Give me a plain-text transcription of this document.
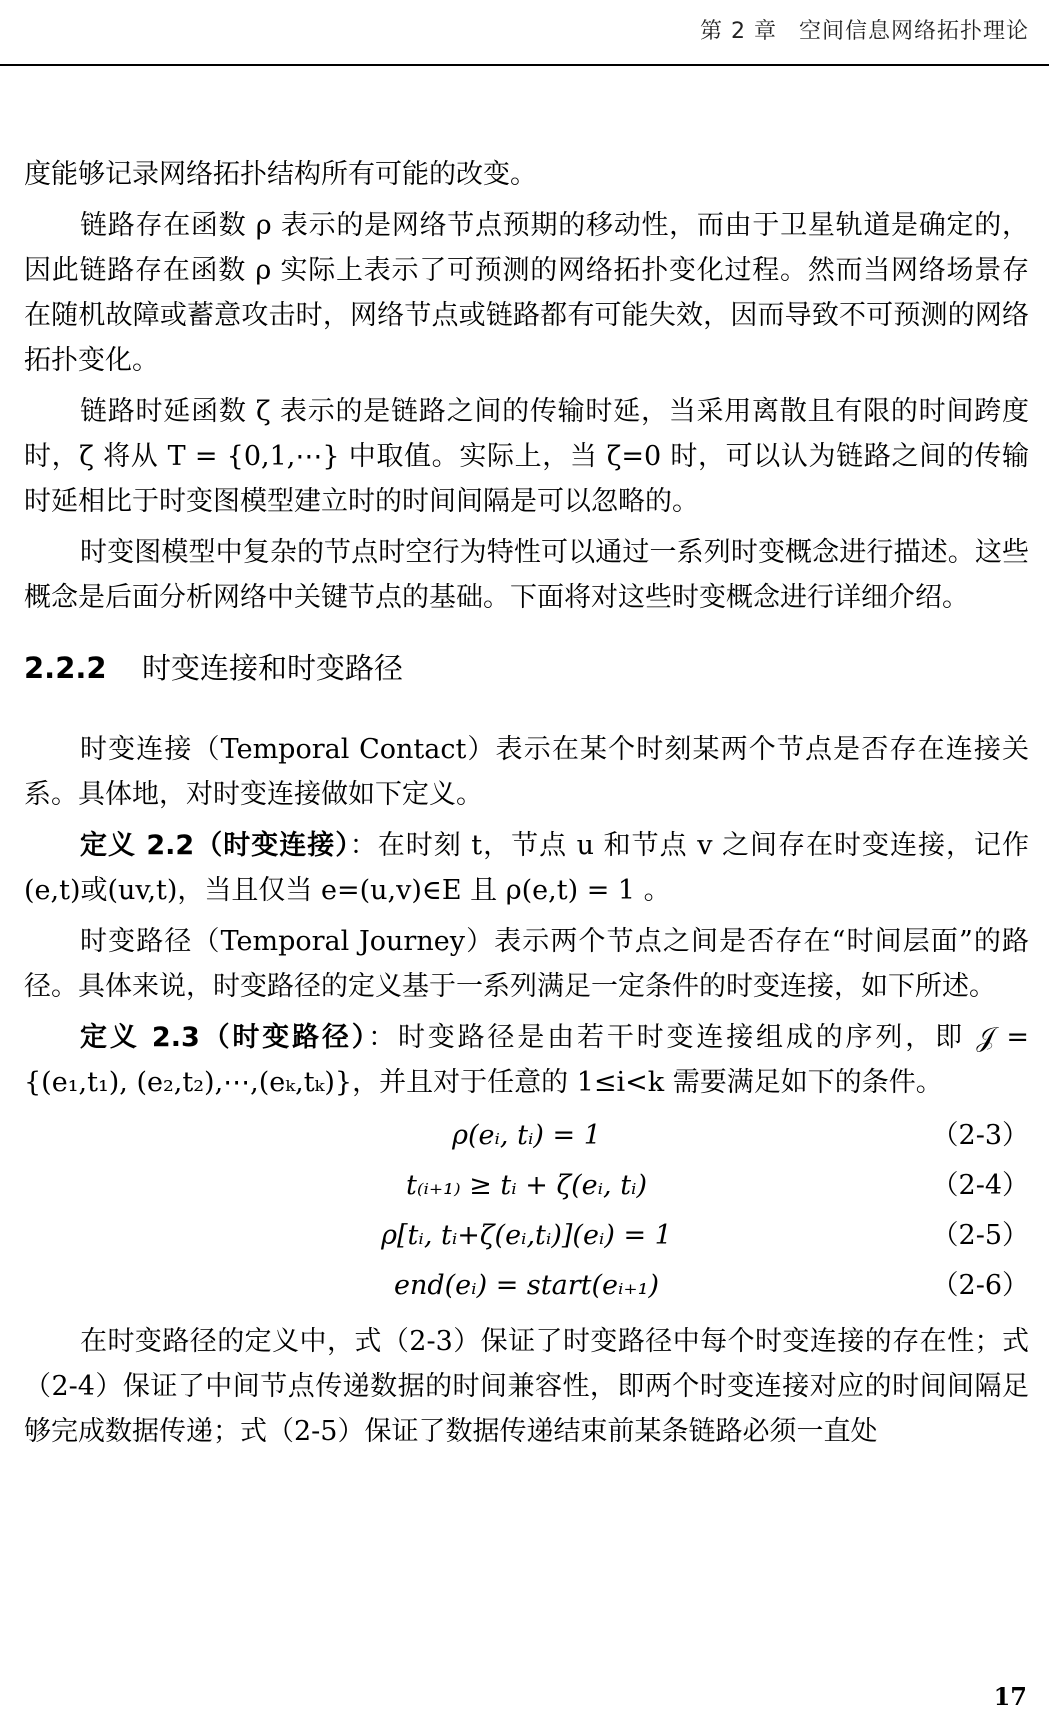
第 2 章 空间信息网络拓扑理论

度能够记录网络拓扑结构所有可能的改变。

链路存在函数 ρ 表示的是网络节点预期的移动性，而由于卫星轨道是确定的，因此链路存在函数 ρ 实际上表示了可预测的网络拓扑变化过程。然而当网络场景存在随机故障或蓄意攻击时，网络节点或链路都有可能失效，因而导致不可预测的网络拓扑变化。

链路时延函数 ζ 表示的是链路之间的传输时延，当采用离散且有限的时间跨度时，ζ 将从 T = {0,1,⋯} 中取值。实际上，当 ζ=0 时，可以认为链路之间的传输时延相比于时变图模型建立时的时间间隔是可以忽略的。

时变图模型中复杂的节点时空行为特性可以通过一系列时变概念进行描述。这些概念是后面分析网络中关键节点的基础。下面将对这些时变概念进行详细介绍。

2.2.2 时变连接和时变路径

时变连接（Temporal Contact）表示在某个时刻某两个节点是否存在连接关系。具体地，对时变连接做如下定义。

定义 2.2（时变连接）：在时刻 t，节点 u 和节点 v 之间存在时变连接，记作(e,t)或(uv,t)，当且仅当 e=(u,v)∈E 且 ρ(e,t) = 1 。

时变路径（Temporal Journey）表示两个节点之间是否存在“时间层面”的路径。具体来说，时变路径的定义基于一系列满足一定条件的时变连接，如下所述。

定义 2.3（时变路径）：时变路径是由若干时变连接组成的序列，即 𝒥 = {(e₁,t₁), (e₂,t₂),⋯,(eₖ,tₖ)}，并且对于任意的 1≤i<k 需要满足如下的条件。

ρ(eᵢ, tᵢ) = 1	（2-3）
t₍ᵢ₊₁₎ ≥ tᵢ + ζ(eᵢ, tᵢ)	（2-4）
ρ[tᵢ, tᵢ+ζ(eᵢ,tᵢ)](eᵢ) = 1	（2-5）
end(eᵢ) = start(eᵢ₊₁)	（2-6）

在时变路径的定义中，式（2-3）保证了时变路径中每个时变连接的存在性；式（2-4）保证了中间节点传递数据的时间兼容性，即两个时变连接对应的时间间隔足够完成数据传递；式（2-5）保证了数据传递结束前某条链路必须一直处

17
